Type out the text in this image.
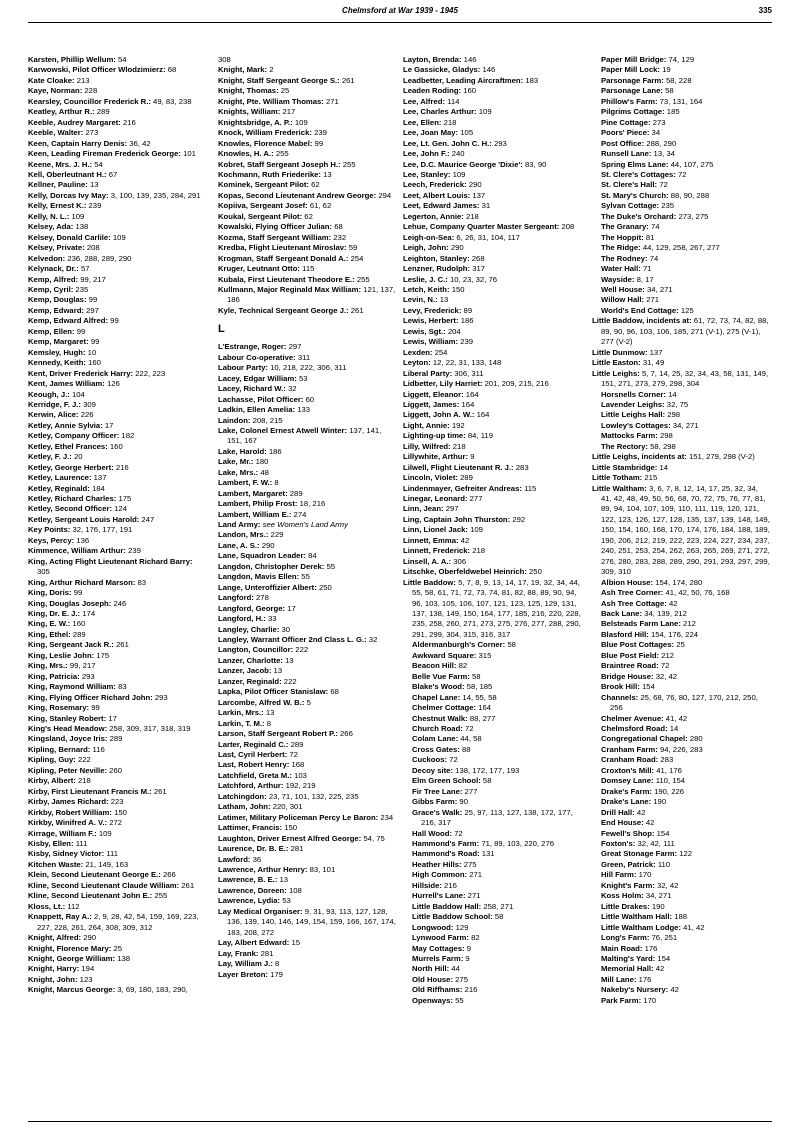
Chelmsford at War 1939 - 1945	335
Karsten, Phillip Wellum: 54
Karwowski, Pilot Officer Wlodzimierz: 68
Kate Cloake: 213
Kaye, Norman: 228
Kearsley, Councillor Frederick R.: 49, 83, 238
Keatley, Arthur R.: 289
Keeble, Audrey Margaret: 216
Keeble, Walter: 273
Keen, Captain Harry Denis: 36, 42
Keen, Leading Fireman Frederick George: 101
Keene, Mrs. J. H.: 54
Kell, Oberleutnant H.: 67
Kellner, Pauline: 13
Kelly, Dorcas Ivy May: 3, 100, 139, 235, 284, 291
Kelly, Ernest K.: 239
Kelly, N. L.: 109
Kelsey, Ada: 138
Kelsey, Donald Carlile: 109
Kelsey, Private: 208
Kelvedon: 236, 288, 289, 290
Kelynack, Dr.: 57
Kemp, Alfred: 99, 217
Kemp, Cyril: 235
Kemp, Douglas: 99
Kemp, Edward: 297
Kemp, Edward Alfred: 99
Kemp, Ellen: 99
Kemp, Margaret: 99
Kemsley, Hugh: 10
Kennedy, Keith: 160
Kent, Driver Frederick Harry: 222, 223
Kent, James William: 126
Keough, J.: 104
Kerridge, F. J.: 309
Kerwin, Alice: 226
Ketley, Annie Sylvia: 17
Ketley, Company Officer: 182
Ketley, Ethel Frances: 160
Ketley, F. J.: 20
Ketley, George Herbert: 216
Ketley, Laurence: 137
Ketley, Reginald: 184
Ketley, Richard Charles: 175
Ketley, Second Officer: 124
Ketley, Sergeant Louis Harold: 247
Key Points: 32, 176, 177, 191
Keys, Percy: 136
Kimmence, William Arthur: 239
King, Acting Flight Lieutenant Richard Barry: 305
King, Arthur Richard Marson: 83
King, Doris: 99
King, Douglas Joseph: 246
King, Dr. E. J.: 174
King, E. W.: 160
King, Ethel: 289
King, Sergeant Jack R.: 261
King, Leslie John: 175
King, Mrs.: 99, 217
King, Patricia: 293
King, Raymond William: 83
King, Flying Officer Richard John: 293
King, Rosemary: 99
King, Stanley Robert: 17
King's Head Meadow: 258, 309, 317, 318, 319
Kingsland, Joyce Iris: 289
Kipling, Bernard: 116
Kipling, Guy: 222
Kipling, Peter Neville: 260
Kirby, Albert: 218
Kirby, First Lieutenant Francis M.: 261
Kirby, James Richard: 223
Kirkby, Robert William: 150
Kirkby, Winifred A. V.: 272
Kirrage, William F.: 109
Kisby, Ellen: 111
Kisby, Sidney Victor: 111
Kitchen Waste: 21, 149, 163
Klein, Second Lieutenant George E.: 266
Kline, Second Lieutenant Claude William: 261
Kline, Second Lieutenant John E.: 255
Kloss, Lt.: 112
Knappett, Ray A.: 2, 9, 28, 42, 54, 159, 169, 223, 227, 228, 261, 264, 308, 309, 312
Knight, Alfred: 290
Knight, Florence Mary: 25
Knight, George William: 138
Knight, Harry: 194
Knight, John: 123
Knight, Marcus George: 3, 69, 180, 183, 290,
308
Knight, Mark: 2
Knight, Staff Sergeant George S.: 261
Knight, Thomas: 25
Knight, Pte. William Thomas: 271
Knights, William: 217
Knightsbridge, A. P.: 109
Knock, William Frederick: 239
Knowles, Florence Mabel: 99
Knowles, H. A.: 255
Kobret, Staff Sergeant Joseph H.: 255
Kochmann, Ruth Friederike: 13
Kominek, Sergeant Pilot: 62
Kopas, Second Lieutenant Andrew George: 294
Kopiiva, Sergeant Josef: 61, 62
Koukal, Sergeant Pilot: 62
Kowalski, Flying Officer Julian: 68
Kozma, Staff Sergeant William: 232
Kredba, Flight Lieutenant Miroslav: 59
Krogman, Staff Sergeant Donald A.: 254
Kruger, Leutnant Otto: 115
Kubala, First Lieutenant Theodore E.: 255
Kullmann, Major Reginald Max William: 121, 137, 186
Kyle, Technical Sergeant George J.: 261
L
L'Estrange, Roger: 297
Labour Co-operative: 311
Labour Party: 10, 218, 222, 306, 311
Lacey, Edgar William: 53
Lacey, Richard W.: 32
Lachasse, Pilot Officer: 60
Ladkin, Ellen Amelia: 133
Laindon: 208, 215
Lake, Colonel Ernest Atwell Winter: 137, 141, 151, 167
Lake, Harold: 186
Lake, Mr.: 180
Lake, Mrs.: 48
Lambert, F. W.: 8
Lambert, Margaret: 289
Lambert, Philip Frost: 18, 216
Lambert, William E.: 274
Land Army: see Women's Land Army
Landon, Mrs.: 229
Lane, A. S.: 290
Lane, Squadron Leader: 84
Langdon, Christopher Derek: 55
Langdon, Mavis Ellen: 55
Lange, Unteroffizier Albert: 250
Langford: 278
Langford, George: 17
Langford, H.: 33
Langley, Charlie: 30
Langley, Warrant Officer 2nd Class L. G.: 32
Langton, Councillor: 222
Lanzer, Charlotte: 13
Lanzer, Jacob: 13
Lanzer, Reginald: 222
Lapka, Pilot Officer Stanislaw: 68
Larcombe, Alfred W. B.: 5
Larkin, Mrs.: 13
Larkin, T. M.: 8
Larson, Staff Sergeant Robert P.: 266
Larter, Reginald C.: 289
Last, Cyril Herbert: 72
Last, Robert Henry: 168
Latchfield, Greta M.: 103
Latchford, Arthur: 192, 219
Latchingdon: 23, 71, 101, 132, 225, 235
Latham, John: 220, 301
Latimer, Military Policeman Percy Le Baron: 234
Lattimer, Francis: 150
Laughton, Driver Ernest Alfred George: 54, 75
Laurence, Dr. B. E.: 281
Lawford: 36
Lawrence, Arthur Henry: 83, 101
Lawrence, B. E.: 13
Lawrence, Doreen: 108
Lawrence, Lydia: 53
Lay Medical Organiser: 9, 31, 93, 113, 127, 128, 136, 139, 140, 146, 149, 154, 159, 166, 167, 174, 183, 208, 272
Lay, Albert Edward: 15
Lay, Frank: 281
Lay, William J.: 8
Layer Breton: 179
Layton, Brenda: 146
Le Gassicke, Gladys: 146
Leadbetter, Leading Aircraftmen: 183
Leaden Roding: 160
Lee, Alfred: 114
Lee, Charles Arthur: 109
Lee, Ellen: 218
Lee, Joan May: 105
Lee, Lt. Gen. John C. H.: 293
Lee, John F.: 240
Lee, D.C. Maurice George 'Dixie': 83, 90
Lee, Stanley: 109
Leech, Frederick: 290
Leet, Albert Louis: 137
Leet, Edward James: 31
Legerton, Annie: 218
Lehue, Company Quarter Master Sergeant: 208
Leigh-on-Sea: 6, 26, 31, 104, 117
Leigh, John: 290
Leighton, Stanley: 268
Lenzner, Rudolph: 317
Leslie, J. C.: 10, 23, 32, 76
Letch, Keith: 150
Levin, N.: 13
Levy, Frederick: 89
Lewis, Herbert: 186
Lewis, Sgt.: 204
Lewis, William: 239
Lexden: 254
Leyton: 12, 22, 31, 133, 148
Liberal Party: 306, 311
Lidbetter, Lily Harriet: 201, 209, 215, 216
Liggett, Eleanor: 164
Liggett, James: 164
Liggett, John A. W.: 164
Light, Annie: 192
Lighting-up time: 84, 119
Lilly, Wilfred: 218
Lillywhite, Arthur: 9
Lilwell, Flight Lieutenant R. J.: 283
Lincoln, Violet: 289
Lindenmayer, Gefreiter Andreas: 115
Linegar, Leonard: 277
Linn, Jean: 297
Ling, Captain John Thurston: 292
Linn, Lionel Jack: 109
Linnett, Emma: 42
Linnett, Frederick: 218
Linsell, A. A.: 306
Litschke, Oberfeldwebel Heinrich: 250
Little Baddow: 5, 7, 8, 9, 13, 14, 17, 19, 32, 34, 44, 55, 58, 61, 71, 72, 73, 74, 81, 82, 88, 89, 90, 94, 96, 103, 105, 106, 107, 121, 123, 125, 129, 131, 137, 138, 149, 150, 164, 177, 185, 216, 220, 228, 235, 258, 260, 271, 273, 275, 276, 277, 288, 290, 291, 299, 304, 315, 316, 317
Aldermanburgh's Corner: 58
Awkward Square: 315
Beacon Hill: 82
Belle Vue Farm: 58
Blake's Wood: 58, 185
Chapel Lane: 14, 55, 58
Chelmer Cottage: 164
Chestnut Walk: 88, 277
Church Road: 72
Colam Lane: 44, 58
Cross Gates: 88
Cuckoos: 72
Decoy site: 138, 172, 177, 193
Elm Green School: 58
Fir Tree Lane: 277
Gibbs Farm: 90
Grace's Walk: 25, 97, 113, 127, 138, 172, 177, 216, 317
Hall Wood: 72
Hammond's Farm: 71, 89, 103, 220, 276
Hammond's Road: 131
Heather Hills: 275
High Common: 271
Hillside: 216
Hurrell's Lane: 271
Little Baddow Hall: 258, 271
Little Baddow School: 58
Longwood: 129
Lynwood Farm: 82
May Cottages: 9
Murrels Farm: 9
North Hill: 44
Old House: 275
Old Riffhams: 216
Openways: 55
Paper Mill Bridge: 74, 129
Paper Mill Lock: 19
Parsonage Farm: 58, 228
Parsonage Lane: 58
Phillow's Farm: 73, 131, 164
Pilgrims Cottage: 185
Pine Cottage: 273
Poors' Piece: 34
Post Office: 288, 290
Runsell Lane: 13, 34
Spring Elms Lane: 44, 107, 275
St. Clere's Cottages: 72
St. Clere's Hall: 72
St. Mary's Church: 88, 90, 288
Sylvan Cottage: 235
The Duke's Orchard: 273, 275
The Granary: 74
The Hoppit: 81
The Ridge: 44, 129, 258, 267, 277
The Rodney: 74
Water Hall: 71
Wayside: 8, 17
Well House: 34, 271
Willow Hall: 271
World's End Cottage: 125
Little Baddow, incidents at: 61, 72, 73, 74, 82, 88, 89, 90, 96, 103, 106, 185, 271 (V-1), 275 (V-1), 277 (V-2)
Little Dunmow: 137
Little Easton: 31, 49
Little Leighs: 5, 7, 14, 25, 32, 34, 43, 58, 131, 149, 151, 271, 273, 279, 298, 304
Horsnells Corner: 14
Lavender Leighs: 32, 75
Little Leighs Hall: 298
Lowley's Cottages: 34, 271
Mattocks Farm: 298
The Rectory: 58, 298
Little Leighs, incidents at: 151, 279, 298 (V-2)
Little Stambridge: 14
Little Totham: 215
Little Waltham: 3, 6, 7, 8, 12, 14, 17, 25, 32, 34, 41, 42, 48, 49, 50, 56, 68, 70, 72, 75, 76, 77, 81, 89, 94, 104, 107, 109, 110, 111, 119, 120, 121, 122, 123, 126, 127, 128, 135, 137, 139, 148, 149, 150, 154, 160, 168, 170, 174, 176, 184, 188, 189, 190, 206, 212, 219, 222, 223, 224, 227, 234, 237, 240, 251, 253, 254, 262, 263, 265, 269, 271, 272, 276, 280, 283, 288, 289, 290, 291, 293, 297, 299, 309, 310
Albion House: 154, 174, 280
Ash Tree Corner: 41, 42, 50, 76, 168
Ash Tree Cottage: 42
Back Lane: 34, 139, 212
Belsteads Farm Lane: 212
Blasford Hill: 154, 176, 224
Blue Post Cottages: 25
Blue Post Field: 212
Braintree Road: 72
Bridge House: 32, 42
Brook Hill: 154
Channels: 25, 68, 76, 80, 127, 170, 212, 250, 256
Chelmer Avenue: 41, 42
Chelmsford Road: 14
Congregational Chapel: 280
Cranham Farm: 94, 226, 283
Cranham Road: 283
Croxton's Mill: 41, 176
Domsey Lane: 110, 154
Drake's Farm: 190, 226
Drake's Lane: 190
Drill Hall: 42
End House: 42
Fewell's Shop: 154
Foxton's: 32, 42, 111
Great Stonage Farm: 122
Green, Patrick: 110
Hill Farm: 170
Knight's Farm: 32, 42
Koss Holm: 34, 271
Little Drakes: 190
Little Waltham Hall: 188
Little Waltham Lodge: 41, 42
Long's Farm: 76, 251
Main Road: 176
Malting's Yard: 154
Memorial Hall: 42
Mill Lane: 176
Nakeby's Nursery: 42
Park Farm: 170
